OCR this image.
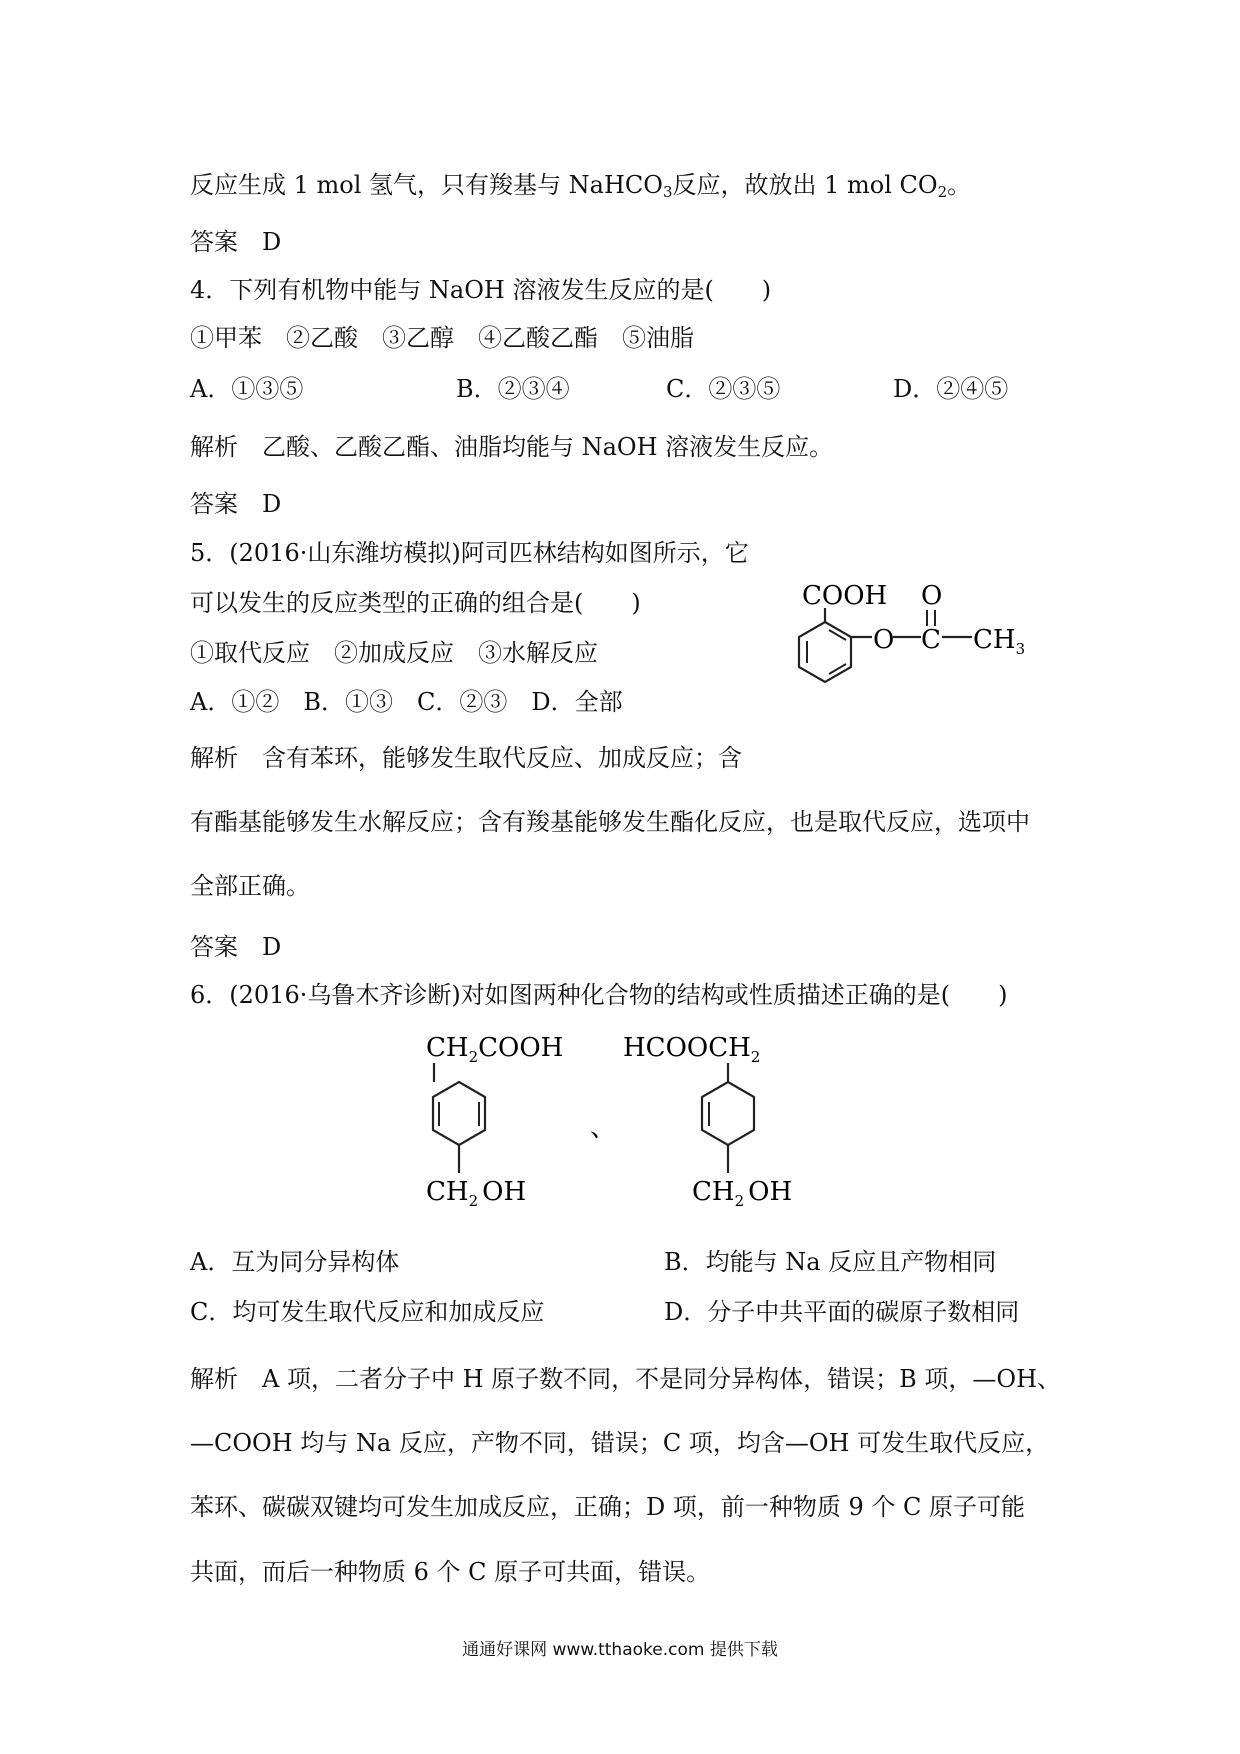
反应生成 1 mol 氢气，只有羧基与 NaHCO$_3$反应，故放出 1 mol $CO_2$。
答案　D
4．下列有机物中能与 NaOH 溶液发生反应的是(　　)
①甲苯　②乙酸　③乙醇　④乙酸乙酯　⑤油脂
A．①③⑤	B．②③④	C．②③⑤	D．②④⑤
解析　乙酸、乙酸乙酯、油脂均能与 NaOH 溶液发生反应。
答案　D
5．(2016·山东潍坊模拟)阿司匹林结构如图所示，它
可以发生的反应类型的正确的组合是(　　)
①取代反应　②加成反应　③水解反应
A．①②　B．①③　C．②③　D．全部
解析　含有苯环，能够发生取代反应、加成反应；含
有酯基能够发生水解反应；含有羧基能够发生酯化反应，也是取代反应，选项中
全部正确。
答案　D
COOH
O C
O
$CH_3$
6．(2016·乌鲁木齐诊断)对如图两种化合物的结构或性质描述正确的是(　　)
$CH_2COOH$
$CH_2$ OH
、
$HCOOCH_2$
$CH_2$ OH
A．互为同分异构体	B．均能与 Na 反应且产物相同
C．均可发生取代反应和加成反应	D．分子中共平面的碳原子数相同
解析　A 项，二者分子中 H 原子数不同，不是同分异构体，错误；B 项，—OH、
—COOH 均与 Na 反应，产物不同，错误；C 项，均含—OH 可发生取代反应，
苯环、碳碳双键均可发生加成反应，正确；D 项，前一种物质 9 个 C 原子可能
共面，而后一种物质 6 个 C 原子可共面，错误。
通通好课网 www.tthaoke.com 提供下载
